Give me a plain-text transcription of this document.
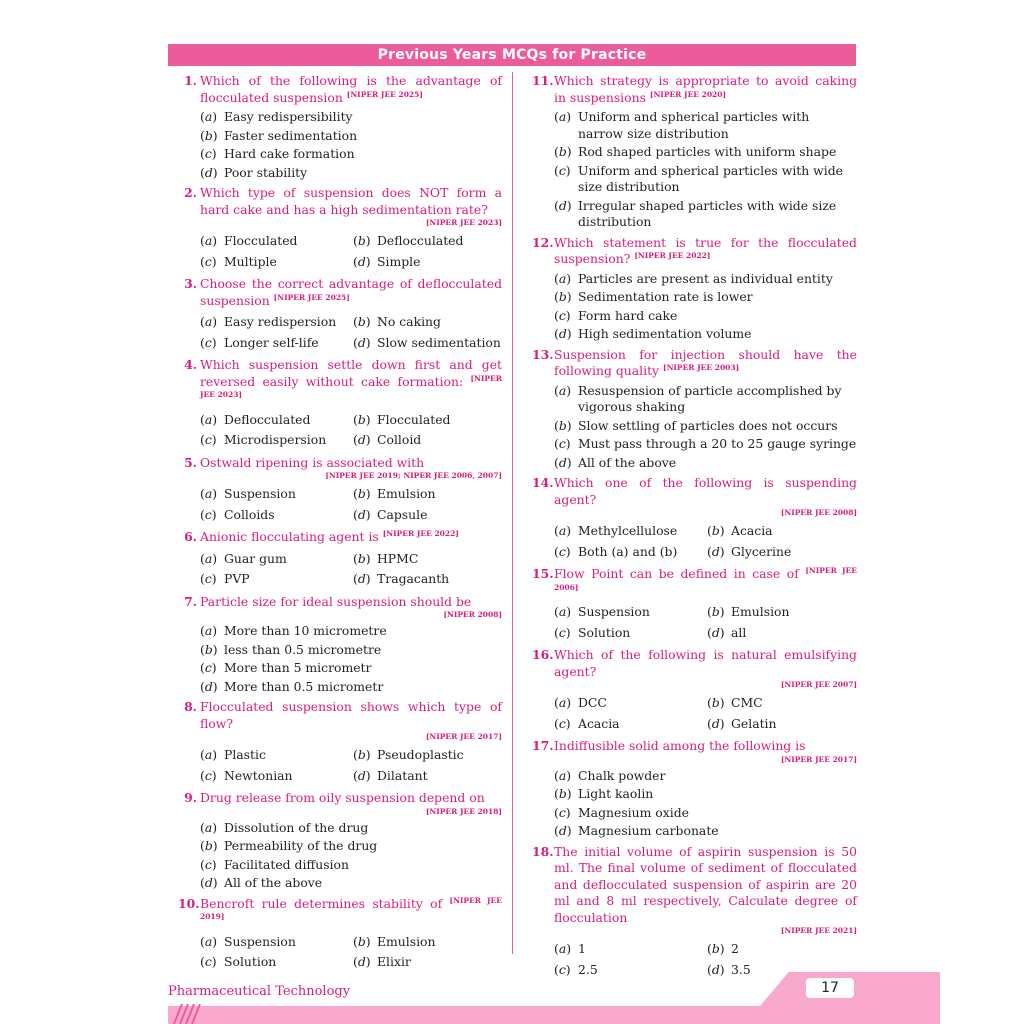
Previous Years MCQs for Practice
1. Which of the following is the advantage of flocculated suspension [NIPER JEE 2025]
( a ) Easy redispersibility
( b ) Faster sedimentation
( c ) Hard cake formation
( d ) Poor stability
2. Which type of suspension does NOT form a hard cake and has a high sedimentation rate?
[NIPER JEE 2023]
( a ) Flocculated	( b ) Deflocculated
( c ) Multiple	( d ) Simple
3. Choose the correct advantage of deflocculated suspension [NIPER JEE 2025]
( a ) Easy redispersion	( b ) No caking
( c ) Longer self-life	( d ) Slow sedimentation
4. Which suspension settle down first and get reversed easily without cake formation: [NIPER JEE 2023]
( a ) Deflocculated	( b ) Flocculated
( c ) Microdispersion	( d ) Colloid
5. Ostwald ripening is associated with
[NIPER JEE 2019; NIPER JEE 2006, 2007]
( a ) Suspension	( b ) Emulsion
( c ) Colloids	( d ) Capsule
6. Anionic flocculating agent is [NIPER JEE 2022]
( a ) Guar gum	( b ) HPMC
( c ) PVP	( d ) Tragacanth
7. Particle size for ideal suspension should be
[NIPER 2008]
( a ) More than 10 micrometre
( b ) less than 0.5 micrometre
( c ) More than 5 micrometr
( d ) More than 0.5 micrometr
8. Flocculated suspension shows which type of flow?
[NIPER JEE 2017]
( a ) Plastic	( b ) Pseudoplastic
( c ) Newtonian	( d ) Dilatant
9. Drug release from oily suspension depend on
[NIPER JEE 2018]
( a ) Dissolution of the drug
( b ) Permeability of the drug
( c ) Facilitated diffusion
( d ) All of the above
10. Bencroft rule determines stability of [NIPER JEE 2019]
( a ) Suspension	( b ) Emulsion
( c ) Solution	( d ) Elixir
11. Which strategy is appropriate to avoid caking in suspensions [NIPER JEE 2020]
( a ) Uniform and spherical particles with narrow size distribution
( b ) Rod shaped particles with uniform shape
( c ) Uniform and spherical particles with wide size distribution
( d ) Irregular shaped particles with wide size distribution
12. Which statement is true for the flocculated suspension? [NIPER JEE 2022]
( a ) Particles are present as individual entity
( b ) Sedimentation rate is lower
( c ) Form hard cake
( d ) High sedimentation volume
13. Suspension for injection should have the following quality [NIPER JEE 2003]
( a ) Resuspension of particle accomplished by vigorous shaking
( b ) Slow settling of particles does not occurs
( c ) Must pass through a 20 to 25 gauge syringe
( d ) All of the above
14. Which one of the following is suspending agent?
[NIPER JEE 2008]
( a ) Methylcellulose	( b ) Acacia
( c ) Both (a) and (b)	( d ) Glycerine
15. Flow Point can be defined in case of [NIPER JEE 2006]
( a ) Suspension	( b ) Emulsion
( c ) Solution	( d ) all
16. Which of the following is natural emulsifying agent?
[NIPER JEE 2007]
( a ) DCC	( b ) CMC
( c ) Acacia	( d ) Gelatin
17. Indiffusible solid among the following is
[NIPER JEE 2017]
( a ) Chalk powder
( b ) Light kaolin
( c ) Magnesium oxide
( d ) Magnesium carbonate
18. The initial volume of aspirin suspension is 50 ml. The final volume of sediment of flocculated and deflocculated suspension of aspirin are 20 ml and 8 ml respectively, Calculate degree of flocculation
[NIPER JEE 2021]
( a ) 1	( b ) 2
( c ) 2.5	( d ) 3.5
Pharmaceutical Technology	17
